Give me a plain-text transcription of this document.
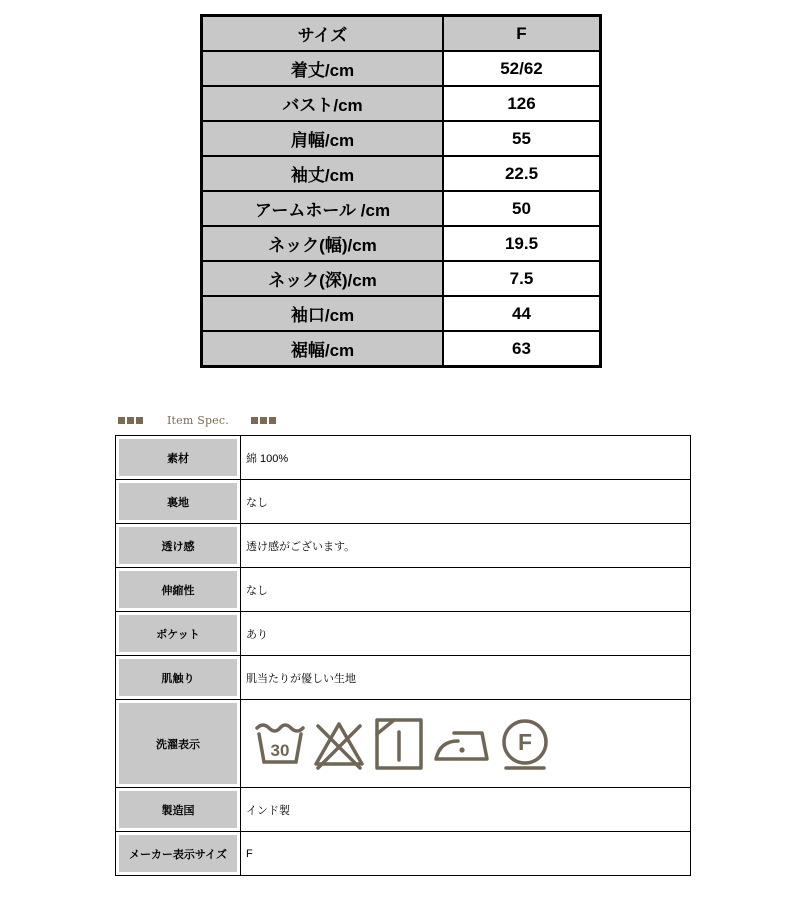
サイズ	F
着丈/cm	52/62
バスト/cm	126
肩幅/cm	55
袖丈/cm	22.5
アームホール /cm	50
ネック(幅)/cm	19.5
ネック(深)/cm	7.5
袖口/cm	44
裾幅/cm	63
Item Spec.
素材	綿 100%
裏地	なし
透け感	透け感がございます。
伸縮性	なし
ポケット	あり
肌触り	肌当たりが優しい生地
洗濯表示	30 F

製造国	インド製
メーカー表示サイズ	F
